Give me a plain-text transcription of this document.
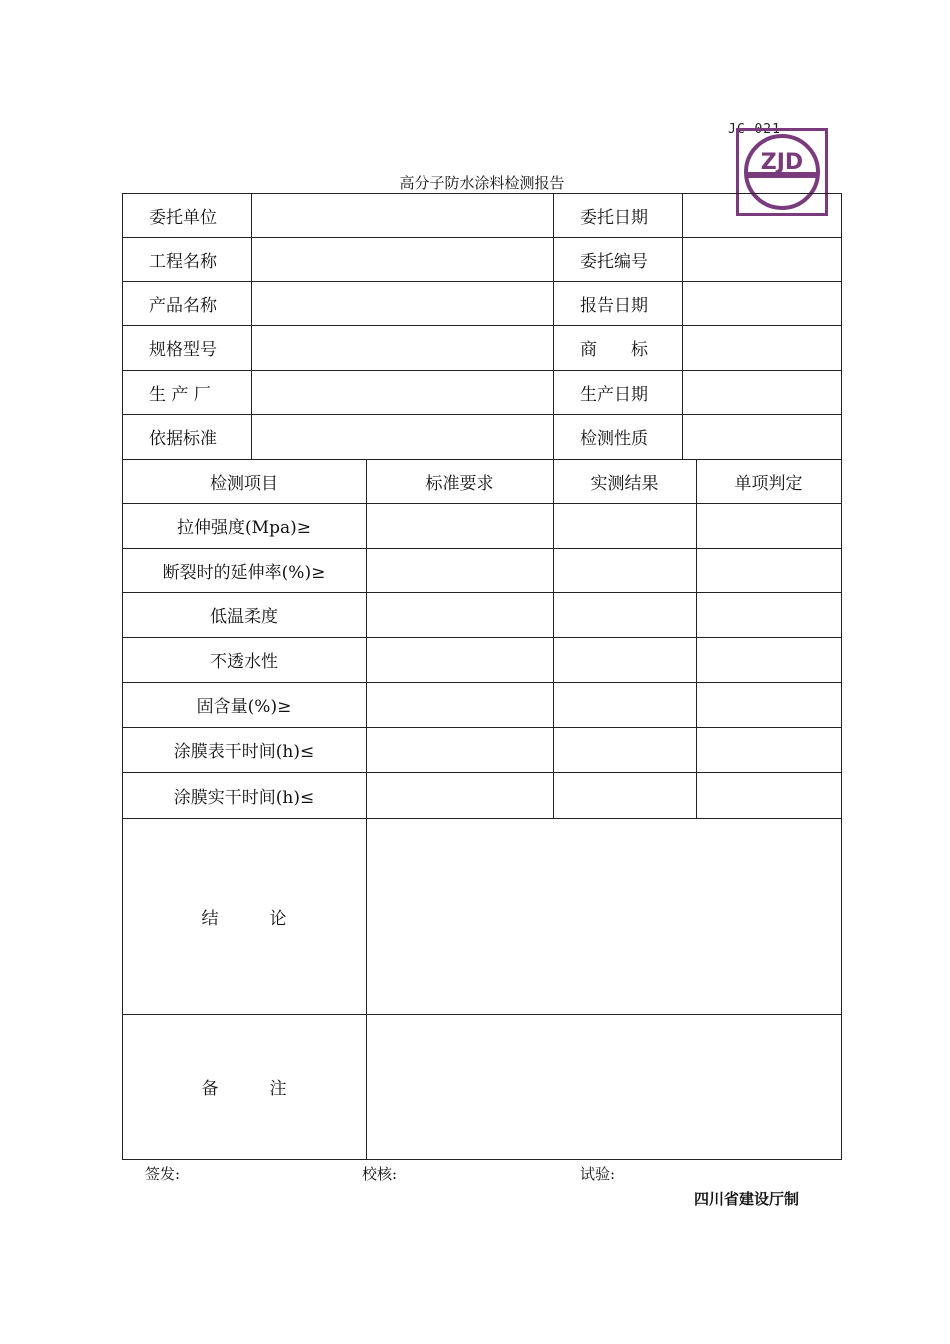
JC-021
ZJD
高分子防水涂料检测报告
委托单位	委托日期
工程名称	委托编号
产品名称	报告日期
规格型号	商　　标
生 产 厂	生产日期
依据标准	检测性质
检测项目	标准要求	实测结果	单项判定
拉伸强度(Mpa)≥
断裂时的延伸率(%)≥
低温柔度
不透水性
固含量(%)≥
涂膜表干时间(h)≤
涂膜实干时间(h)≤
结　　　论
备　　　注
签发:	校核:	试验:
四川省建设厅制
